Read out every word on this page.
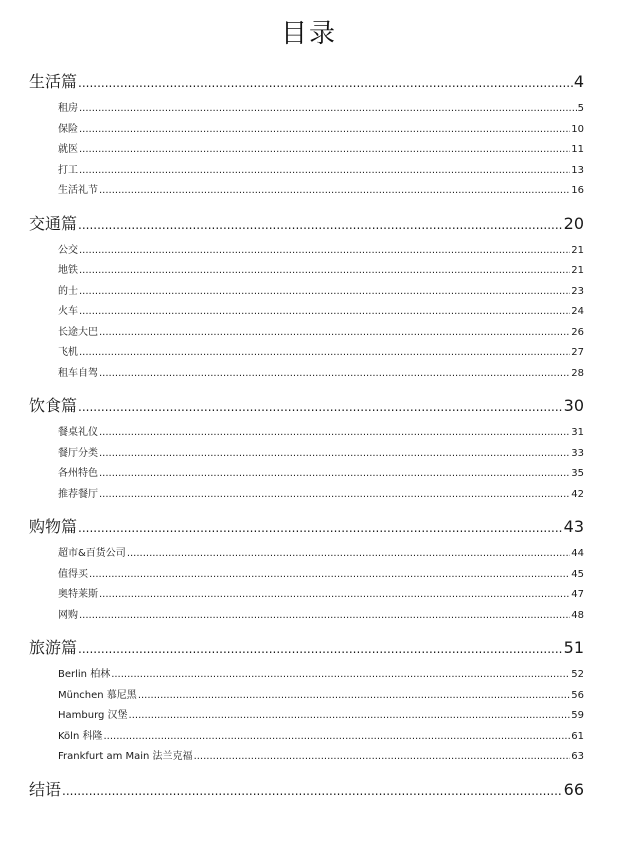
目录
生活篇 .....	4
租房 .....	5
保险 .....	10
就医 .....	11
打工 .....	13
生活礼节 .....	16
交通篇 .....	20
公交 .....	21
地铁 .....	21
的士 .....	23
火车 .....	24
长途大巴 .....	26
飞机 .....	27
租车自驾 .....	28
饮食篇 .....	30
餐桌礼仪 .....	31
餐厅分类 .....	33
各州特色 .....	35
推荐餐厅 .....	42
购物篇 .....	43
超市&百货公司 .....	44
值得买 .....	45
奥特莱斯 .....	47
网购 .....	48
旅游篇 .....	51
Berlin 柏林 .....	52
München 慕尼黑 .....	56
Hamburg 汉堡 .....	59
Köln 科隆 .....	61
Frankfurt am Main 法兰克福 .....	63
结语 .....	66
